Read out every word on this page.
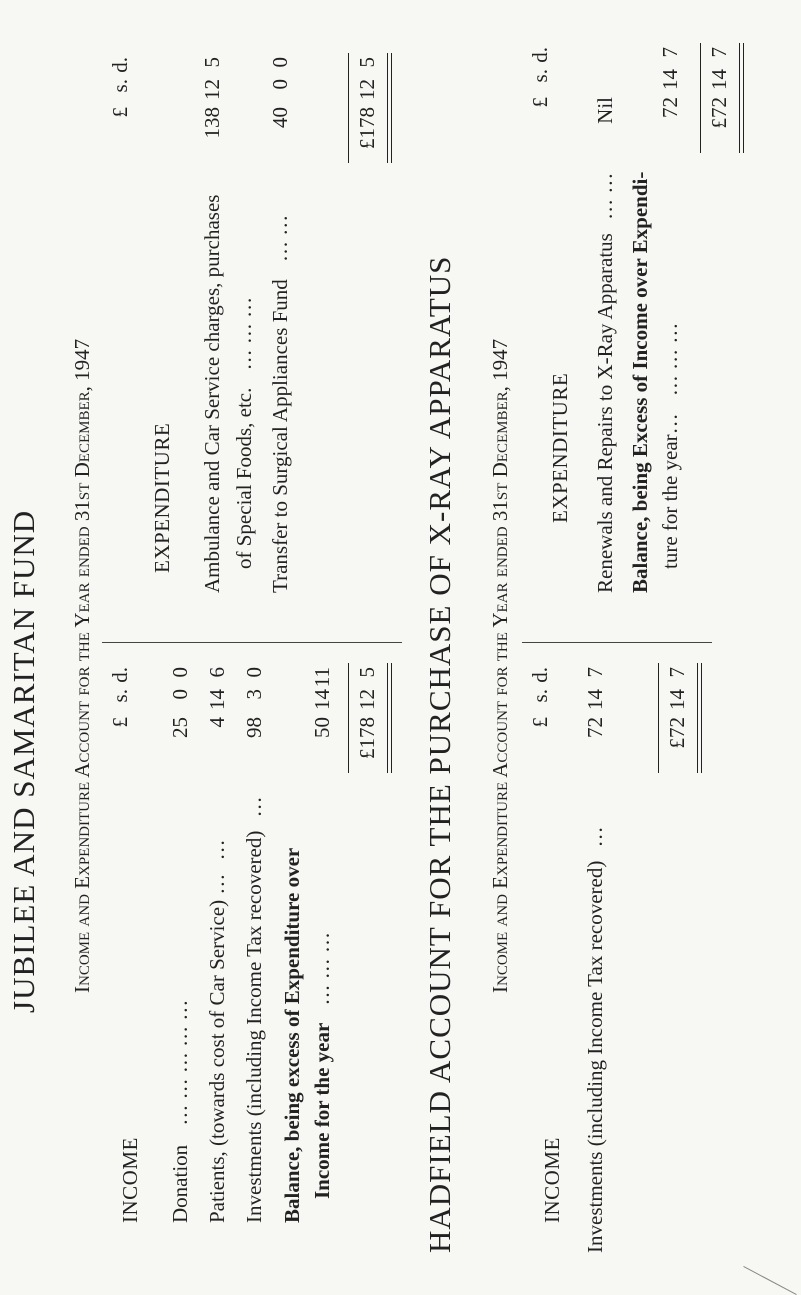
JUBILEE AND SAMARITAN FUND Income and Expenditure Account for the Year ended 31st December, 1947
INCOME
£s.d.
Donation … … … … …
2500
Patients, (towards cost of Car Service) … …
4146
Investments (including Income Tax recovered) …
9830
Balance, being excess of Expenditure over Income for the year … … …
501411
£178125
EXPENDITURE
£s.d.
Ambulance and Car Service charges, purchases of Special Foods, etc. … … …
138125
Transfer to Surgical Appliances Fund … …
4000
£178125
HADFIELD ACCOUNT FOR THE PURCHASE OF X-RAY APPARATUS Income and Expenditure Account for the Year ended 31st December, 1947
INCOME
£s.d.
Investments (including Income Tax recovered) …
72147
£72147
EXPENDITURE
£s.d.
Renewals and Repairs to X-Ray Apparatus … …
Nil
Balance, being Excess of Income over Expendi- ture for the year… … … …
72147
£72147
